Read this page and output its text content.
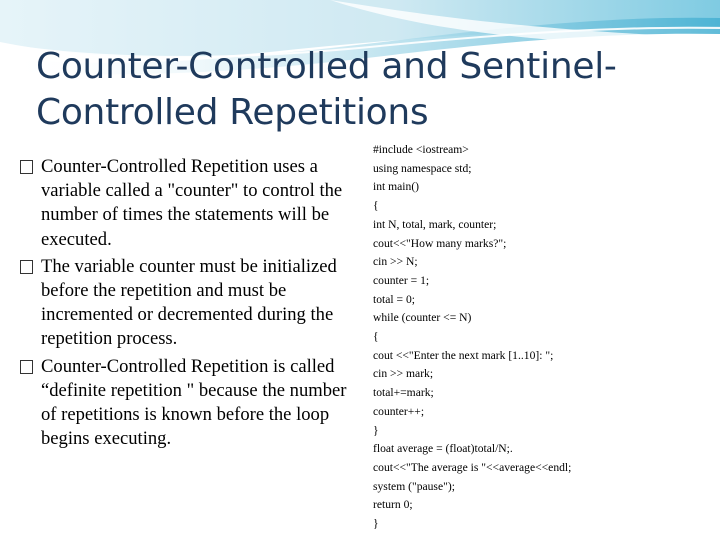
Counter-Controlled and Sentinel-
Controlled Repetitions
Counter-Controlled Repetition uses a variable called a "counter" to control the number of times the statements will be executed.
The variable counter must be initialized before the repetition and must be incremented or decremented during the repetition process.
Counter-Controlled Repetition is called “definite repetition " because the number of repetitions is known before the loop begins executing.
#include <iostream>
using namespace std;
int main()
{
int N, total, mark, counter;
cout<<"How many marks?";
cin >> N;
counter = 1;
total = 0;
while (counter <= N)
{
cout <<"Enter the next mark [1..10]: ";
cin >> mark;
total+=mark;
counter++;
}
float average = (float)total/N;.
cout<<"The average is "<<average<<endl;
system ("pause");
return 0;
}
